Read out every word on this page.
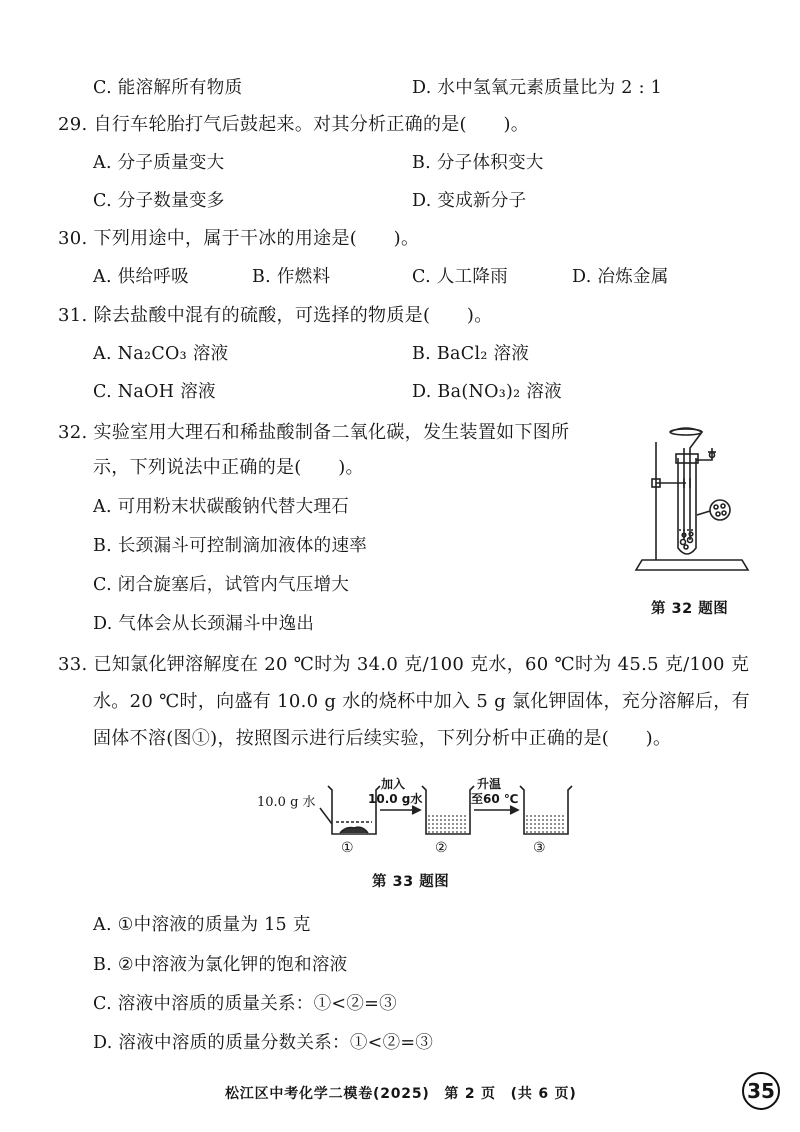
C. 能溶解所有物质	D. 水中氢氧元素质量比为 2 : 1

29. 自行车轮胎打气后鼓起来。对其分析正确的是(　　)。

A. 分子质量变大	B. 分子体积变大

C. 分子数量变多	D. 变成新分子

30. 下列用途中，属于干冰的用途是(　　)。

A. 供给呼吸	B. 作燃料	C. 人工降雨	D. 冶炼金属

31. 除去盐酸中混有的硫酸，可选择的物质是(　　)。

A. Na₂CO₃ 溶液	B. BaCl₂ 溶液

C. NaOH 溶液	D. Ba(NO₃)₂ 溶液

32. 实验室用大理石和稀盐酸制备二氧化碳，发生装置如下图所

示，下列说法中正确的是(　　)。

A. 可用粉末状碳酸钠代替大理石

B. 长颈漏斗可控制滴加液体的速率

C. 闭合旋塞后，试管内气压增大

D. 气体会从长颈漏斗中逸出

第 32 题图

33. 已知氯化钾溶解度在 20 ℃时为 34.0 克/100 克水，60 ℃时为 45.5 克/100 克

水。20 ℃时，向盛有 10.0 g 水的烧杯中加入 5 g 氯化钾固体，充分溶解后，有

固体不溶(图①)，按照图示进行后续实验，下列分析中正确的是(　　)。

10.0 g 水

加入

10.0 g水

升温

至60 ℃

①	②	③

第 33 题图

A. ①中溶液的质量为 15 克

B. ②中溶液为氯化钾的饱和溶液

C. 溶液中溶质的质量关系：①<②=③

D. 溶液中溶质的质量分数关系：①<②=③

松江区中考化学二模卷(2025)　第 2 页　(共 6 页)	35
